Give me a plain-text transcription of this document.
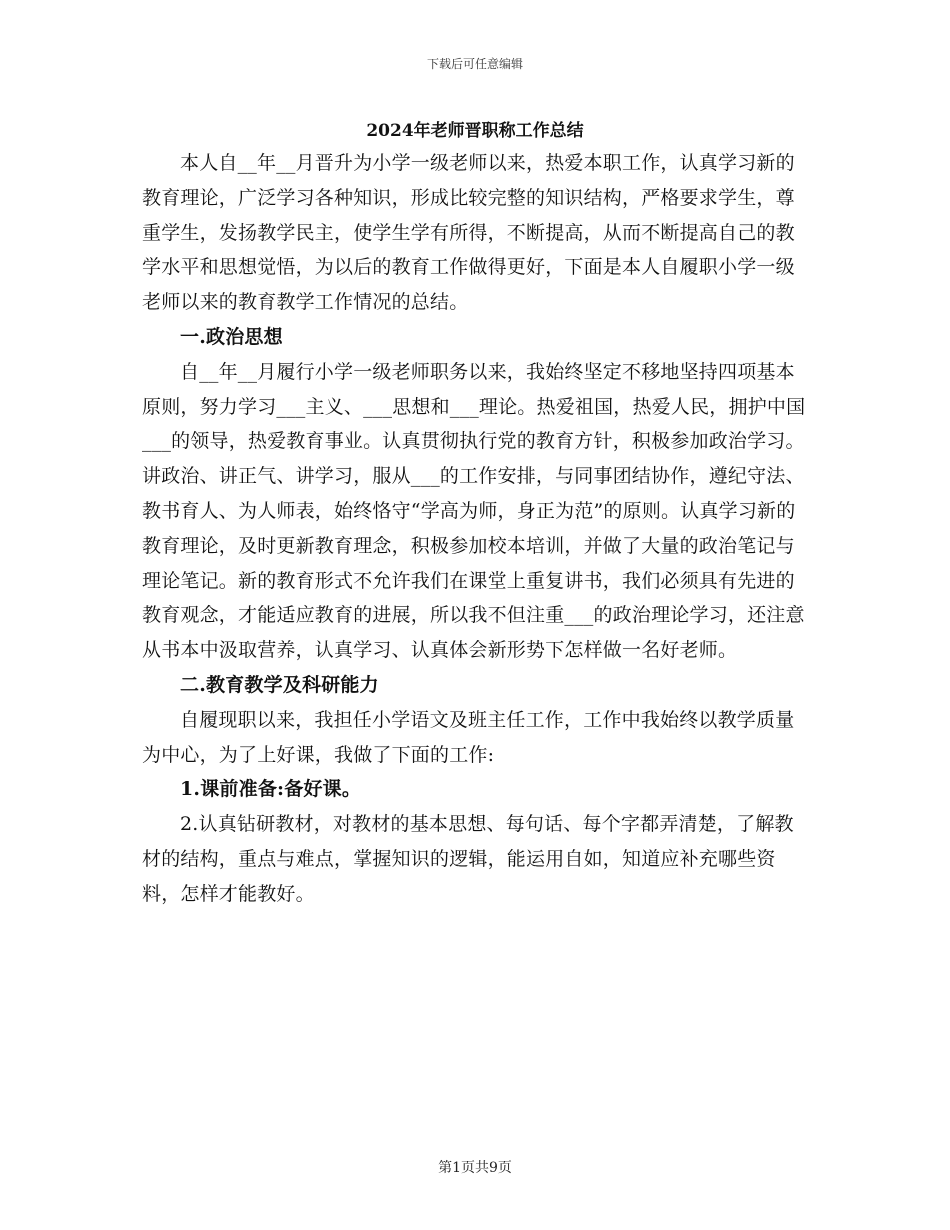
下载后可任意编辑
2024年老师晋职称工作总结

本人自__年__月晋升为小学一级老师以来，热爱本职工作，认真学习新的教育理论，广泛学习各种知识，形成比较完整的知识结构，严格要求学生，尊重学生，发扬教学民主，使学生学有所得，不断提高，从而不断提高自己的教学水平和思想觉悟，为以后的教育工作做得更好，下面是本人自履职小学一级老师以来的教育教学工作情况的总结。

一.政治思想

自__年__月履行小学一级老师职务以来，我始终坚定不移地坚持四项基本原则，努力学习___主义、___思想和___理论。热爱祖国，热爱人民，拥护中国___的领导，热爱教育事业。认真贯彻执行党的教育方针，积极参加政治学习。讲政治、讲正气、讲学习，服从___的工作安排，与同事团结协作，遵纪守法、教书育人、为人师表，始终恪守“学高为师，身正为范”的原则。认真学习新的教育理论，及时更新教育理念，积极参加校本培训，并做了大量的政治笔记与理论笔记。新的教育形式不允许我们在课堂上重复讲书，我们必须具有先进的教育观念，才能适应教育的进展，所以我不但注重___的政治理论学习，还注意从书本中汲取营养，认真学习、认真体会新形势下怎样做一名好老师。

二.教育教学及科研能力

自履现职以来，我担任小学语文及班主任工作，工作中我始终以教学质量为中心，为了上好课，我做了下面的工作:

1.课前准备:备好课。

2.认真钻研教材，对教材的基本思想、每句话、每个字都弄清楚，了解教材的结构，重点与难点，掌握知识的逻辑，能运用自如，知道应补充哪些资料，怎样才能教好。

第1页共9页
